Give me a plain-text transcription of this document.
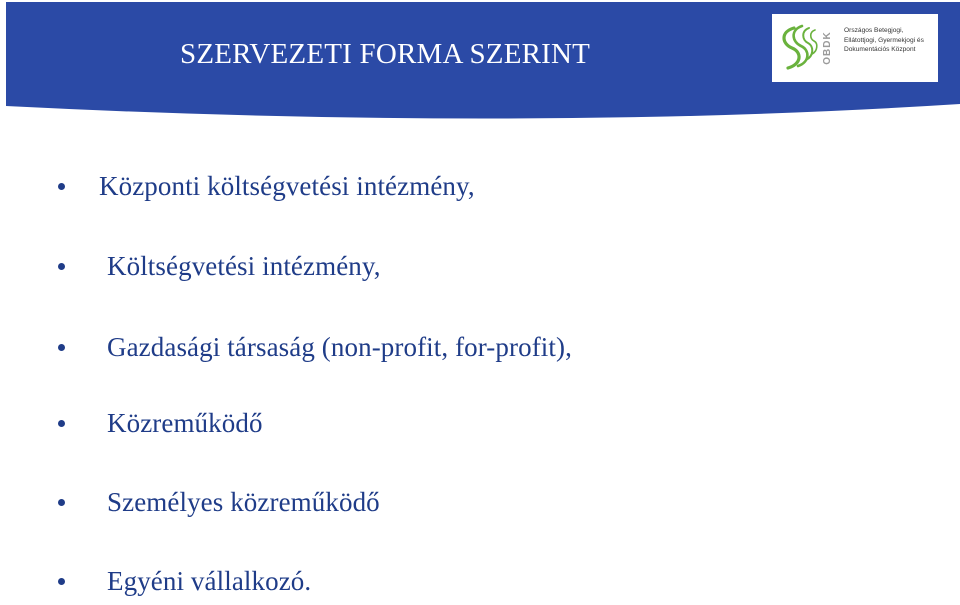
SZERVEZETI FORMA SZERINT	OBDK
Országos Betegjogi,
Ellátottjogi, Gyermekjogi és
Dokumentációs Központ
Központi költségvetési intézmény,
Költségvetési intézmény,
Gazdasági társaság (non-profit, for-profit),
Közreműködő
Személyes közreműködő
Egyéni vállalkozó.
